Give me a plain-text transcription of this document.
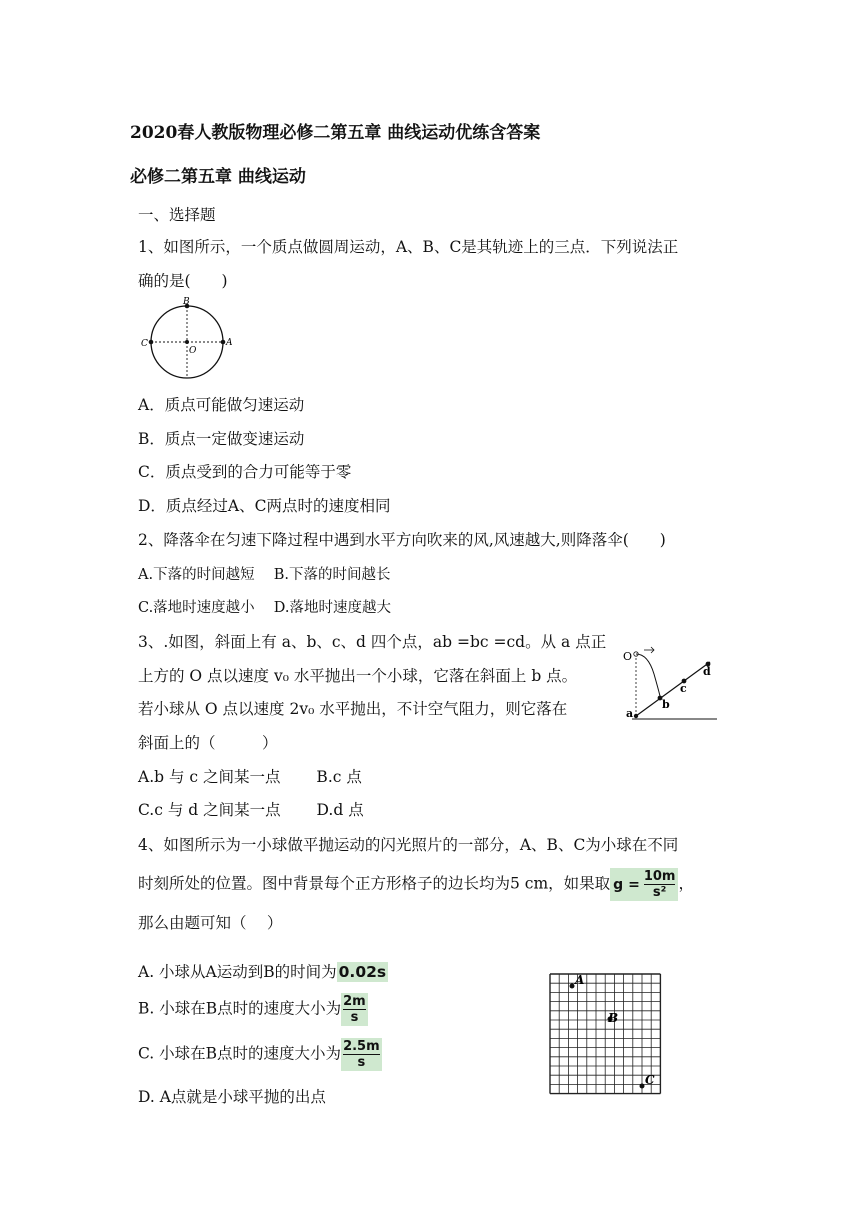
2020春人教版物理必修二第五章 曲线运动优练含答案
必修二第五章 曲线运动
一、选择题
1、如图所示，一个质点做圆周运动，A、B、C是其轨迹上的三点．下列说法正
确的是(　　)
B
C
O
A
A．质点可能做匀速运动
B．质点一定做变速运动
C．质点受到的合力可能等于零
D．质点经过A、C两点时的速度相同
2、降落伞在匀速下降过程中遇到水平方向吹来的风,风速越大,则降落伞(　　)
A.下落的时间越短　 B.下落的时间越长
C.落地时速度越小　 D.落地时速度越大
3、.如图，斜面上有 a、b、c、d 四个点，ab =bc =cd。从 a 点正
上方的 O 点以速度 v₀ 水平抛出一个小球，它落在斜面上 b 点。
若小球从 O 点以速度 2v₀ 水平抛出，不计空气阻力，则它落在
斜面上的（　　　）
O
a
b
c
d
A.b 与 c 之间某一点　　 B.c 点
C.c 与 d 之间某一点　　 D.d 点
4、如图所示为一小球做平抛运动的闪光照片的一部分，A、B、C为小球在不同
时刻所处的位置。图中背景每个正方形格子的边长均为5 cm，如果取 $g = \frac{10m}{\text{s²}}$ ，
那么由题可知（　 ）
A. 小球从A运动到B的时间为 0.02s
B. 小球在B点时的速度大小为 $\frac{2m}{s}$
C. 小球在B点时的速度大小为 $\frac{2.5m}{s}$
D. A点就是小球平抛的出点
A
B
C
